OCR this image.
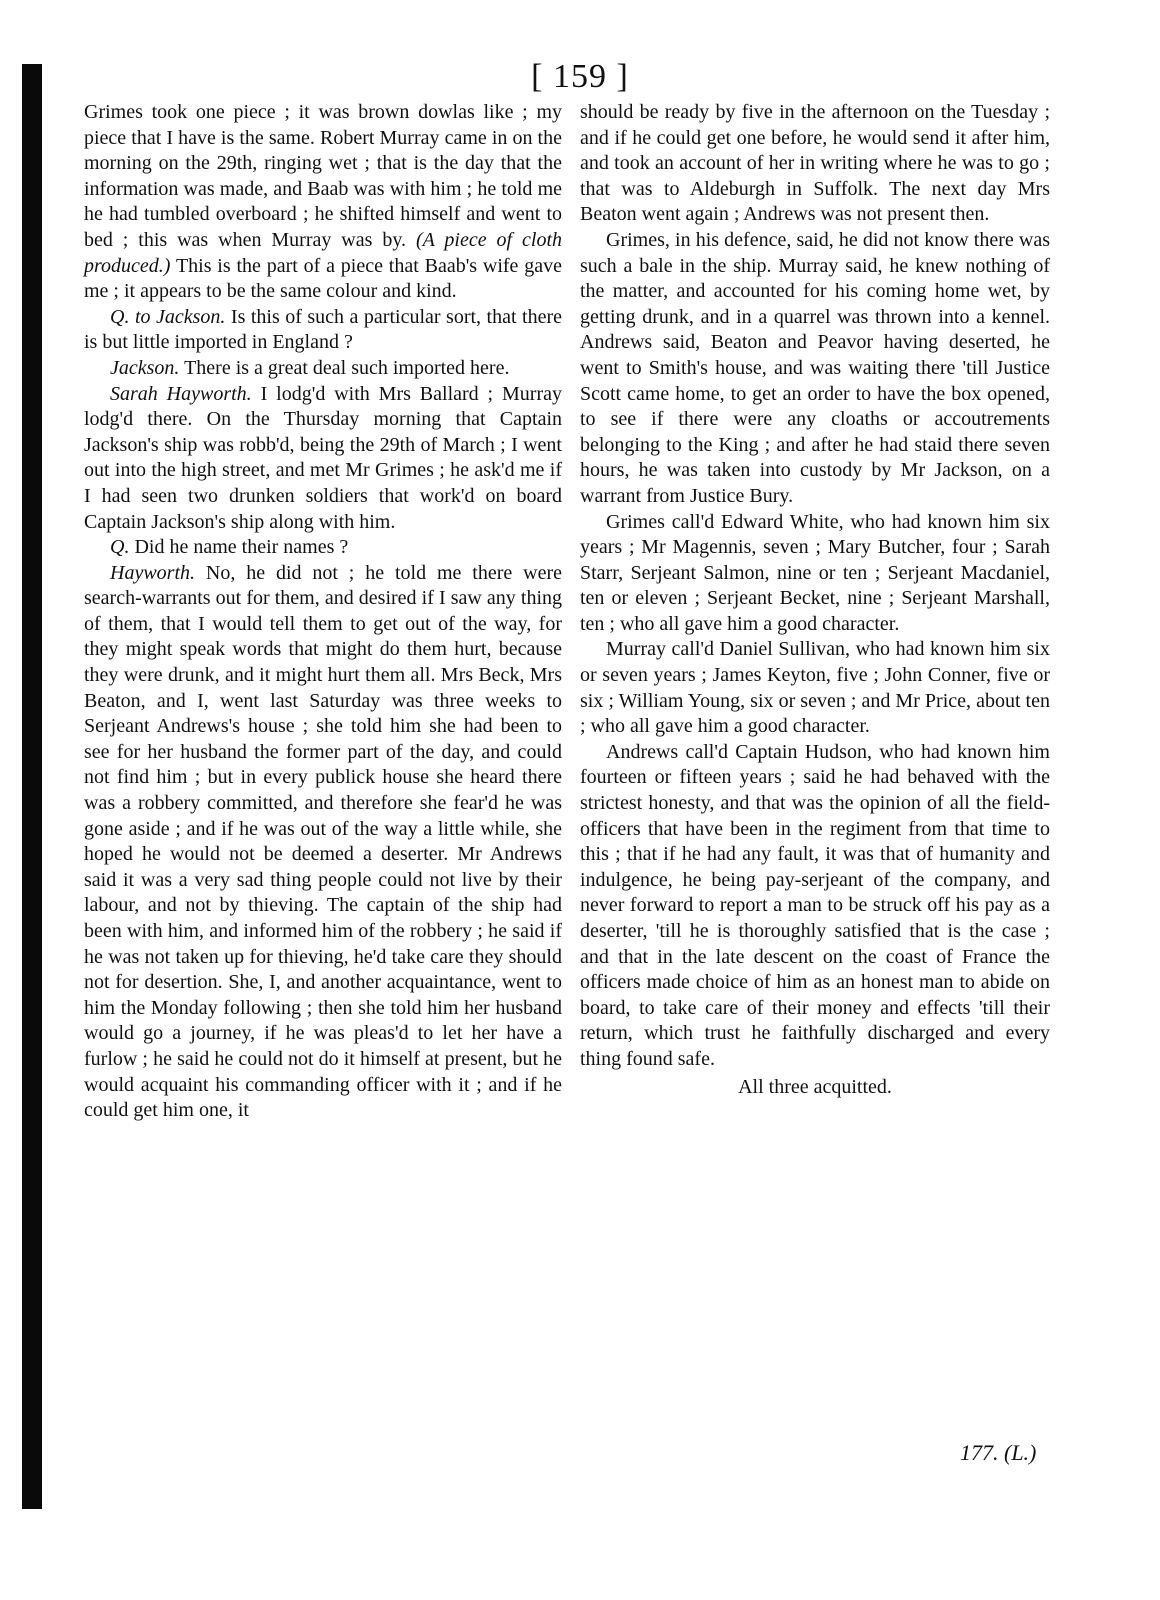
[ 159 ]

Grimes took one piece ; it was brown dowlas like ; my piece that I have is the same. Robert Murray came in on the morning on the 29th, ringing wet ; that is the day that the information was made, and Baab was with him ; he told me he had tumbled overboard ; he shifted himself and went to bed ; this was when Murray was by. (A piece of cloth produced.) This is the part of a piece that Baab's wife gave me ; it appears to be the same colour and kind.

Q. to Jackson. Is this of such a particular sort, that there is but little imported in England ?

Jackson. There is a great deal such imported here.

Sarah Hayworth. I lodg'd with Mrs Ballard ; Murray lodg'd there. On the Thursday morning that Captain Jackson's ship was robb'd, being the 29th of March ; I went out into the high street, and met Mr Grimes ; he ask'd me if I had seen two drunken soldiers that work'd on board Captain Jackson's ship along with him.

Q. Did he name their names ?

Hayworth. No, he did not ; he told me there were search-warrants out for them, and desired if I saw any thing of them, that I would tell them to get out of the way, for they might speak words that might do them hurt, because they were drunk, and it might hurt them all. Mrs Beck, Mrs Beaton, and I, went last Saturday was three weeks to Serjeant Andrews's house ; she told him she had been to see for her husband the former part of the day, and could not find him ; but in every publick house she heard there was a robbery committed, and therefore she fear'd he was gone aside ; and if he was out of the way a little while, she hoped he would not be deemed a deserter. Mr Andrews said it was a very sad thing people could not live by their labour, and not by thieving. The captain of the ship had been with him, and informed him of the robbery ; he said if he was not taken up for thieving, he'd take care they should not for desertion. She, I, and another acquaintance, went to him the Monday following ; then she told him her husband would go a journey, if he was pleas'd to let her have a furlow ; he said he could not do it himself at present, but he would acquaint his commanding officer with it ; and if he could get him one, it

should be ready by five in the afternoon on the Tuesday ; and if he could get one before, he would send it after him, and took an account of her in writing where he was to go ; that was to Aldeburgh in Suffolk. The next day Mrs Beaton went again ; Andrews was not present then.

Grimes, in his defence, said, he did not know there was such a bale in the ship. Murray said, he knew nothing of the matter, and accounted for his coming home wet, by getting drunk, and in a quarrel was thrown into a kennel. Andrews said, Beaton and Peavor having deserted, he went to Smith's house, and was waiting there 'till Justice Scott came home, to get an order to have the box opened, to see if there were any cloaths or accoutrements belonging to the King ; and after he had staid there seven hours, he was taken into custody by Mr Jackson, on a warrant from Justice Bury.

Grimes call'd Edward White, who had known him six years ; Mr Magennis, seven ; Mary Butcher, four ; Sarah Starr, Serjeant Salmon, nine or ten ; Serjeant Macdaniel, ten or eleven ; Serjeant Becket, nine ; Serjeant Marshall, ten ; who all gave him a good character.

Murray call'd Daniel Sullivan, who had known him six or seven years ; James Keyton, five ; John Conner, five or six ; William Young, six or seven ; and Mr Price, about ten ; who all gave him a good character.

Andrews call'd Captain Hudson, who had known him fourteen or fifteen years ; said he had behaved with the strictest honesty, and that was the opinion of all the field-officers that have been in the regiment from that time to this ; that if he had any fault, it was that of humanity and indulgence, he being pay-serjeant of the company, and never forward to report a man to be struck off his pay as a deserter, 'till he is thoroughly satisfied that is the case ; and that in the late descent on the coast of France the officers made choice of him as an honest man to abide on board, to take care of their money and effects 'till their return, which trust he faithfully discharged and every thing found safe.

All three acquitted.

177. (L.)
